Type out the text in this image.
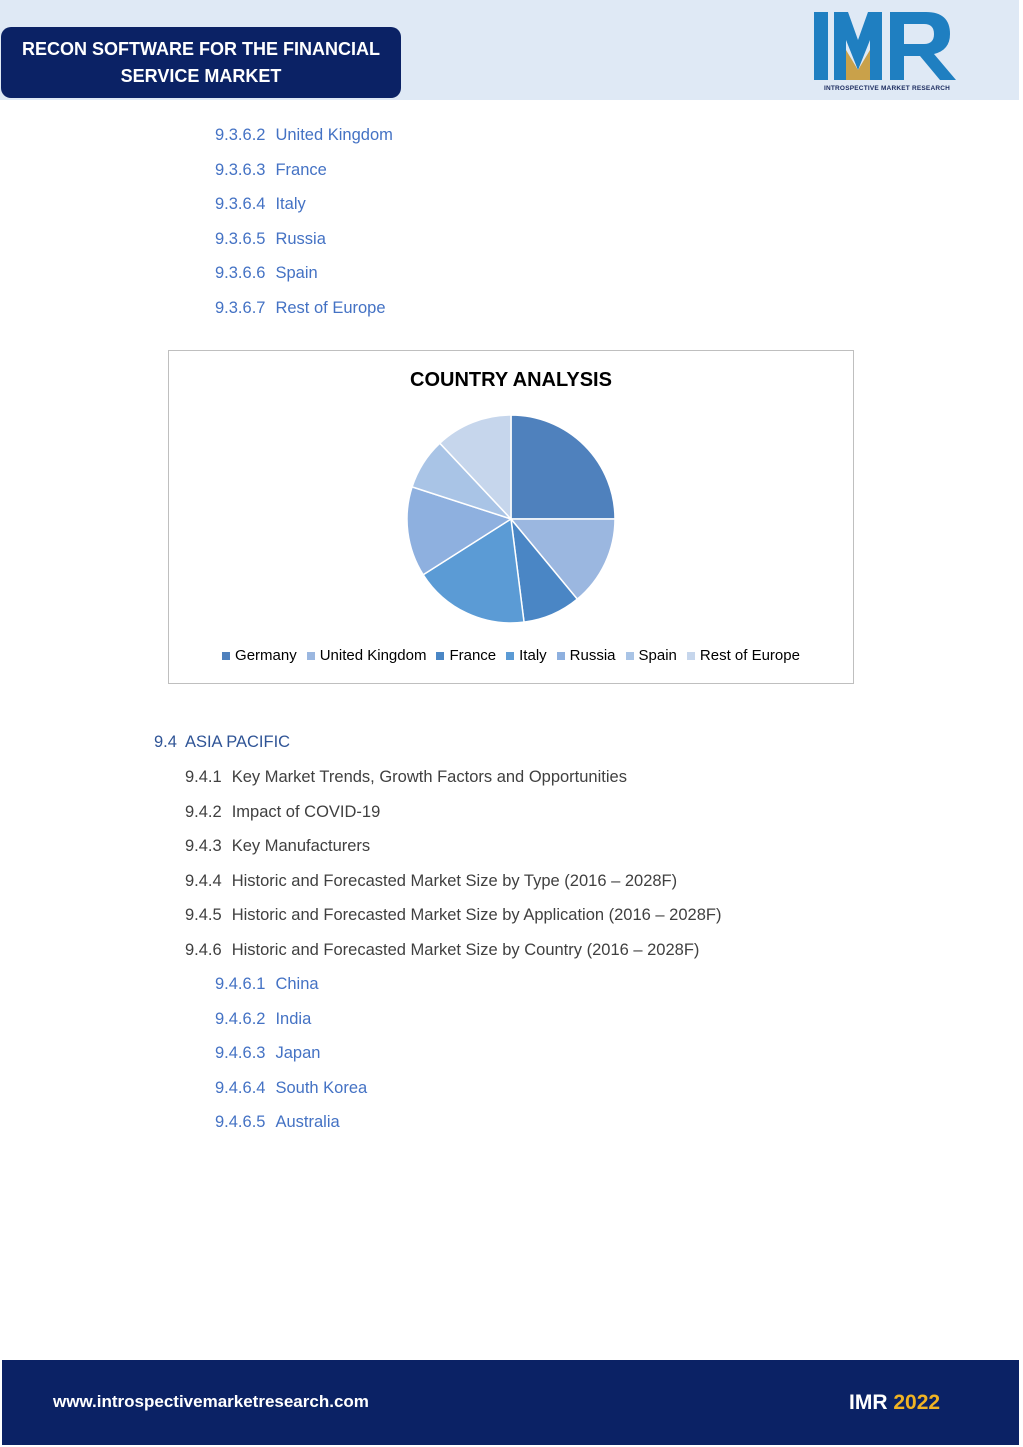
RECON SOFTWARE FOR THE FINANCIAL
SERVICE MARKET
INTROSPECTIVE MARKET RESEARCH
9.3.6.2 United Kingdom
9.3.6.3 France
9.3.6.4 Italy
9.3.6.5 Russia
9.3.6.6 Spain
9.3.6.7 Rest of Europe
COUNTRY ANALYSIS
Germany United Kingdom France Italy Russia Spain Rest of Europe
9.4 ASIA PACIFIC
9.4.1 Key Market Trends, Growth Factors and Opportunities
9.4.2 Impact of COVID-19
9.4.3 Key Manufacturers
9.4.4 Historic and Forecasted Market Size by Type (2016 – 2028F)
9.4.5 Historic and Forecasted Market Size by Application (2016 – 2028F)
9.4.6 Historic and Forecasted Market Size by Country (2016 – 2028F)
9.4.6.1 China
9.4.6.2 India
9.4.6.3 Japan
9.4.6.4 South Korea
9.4.6.5 Australia
www.introspectivemarketresearch.com	IMR 2022
